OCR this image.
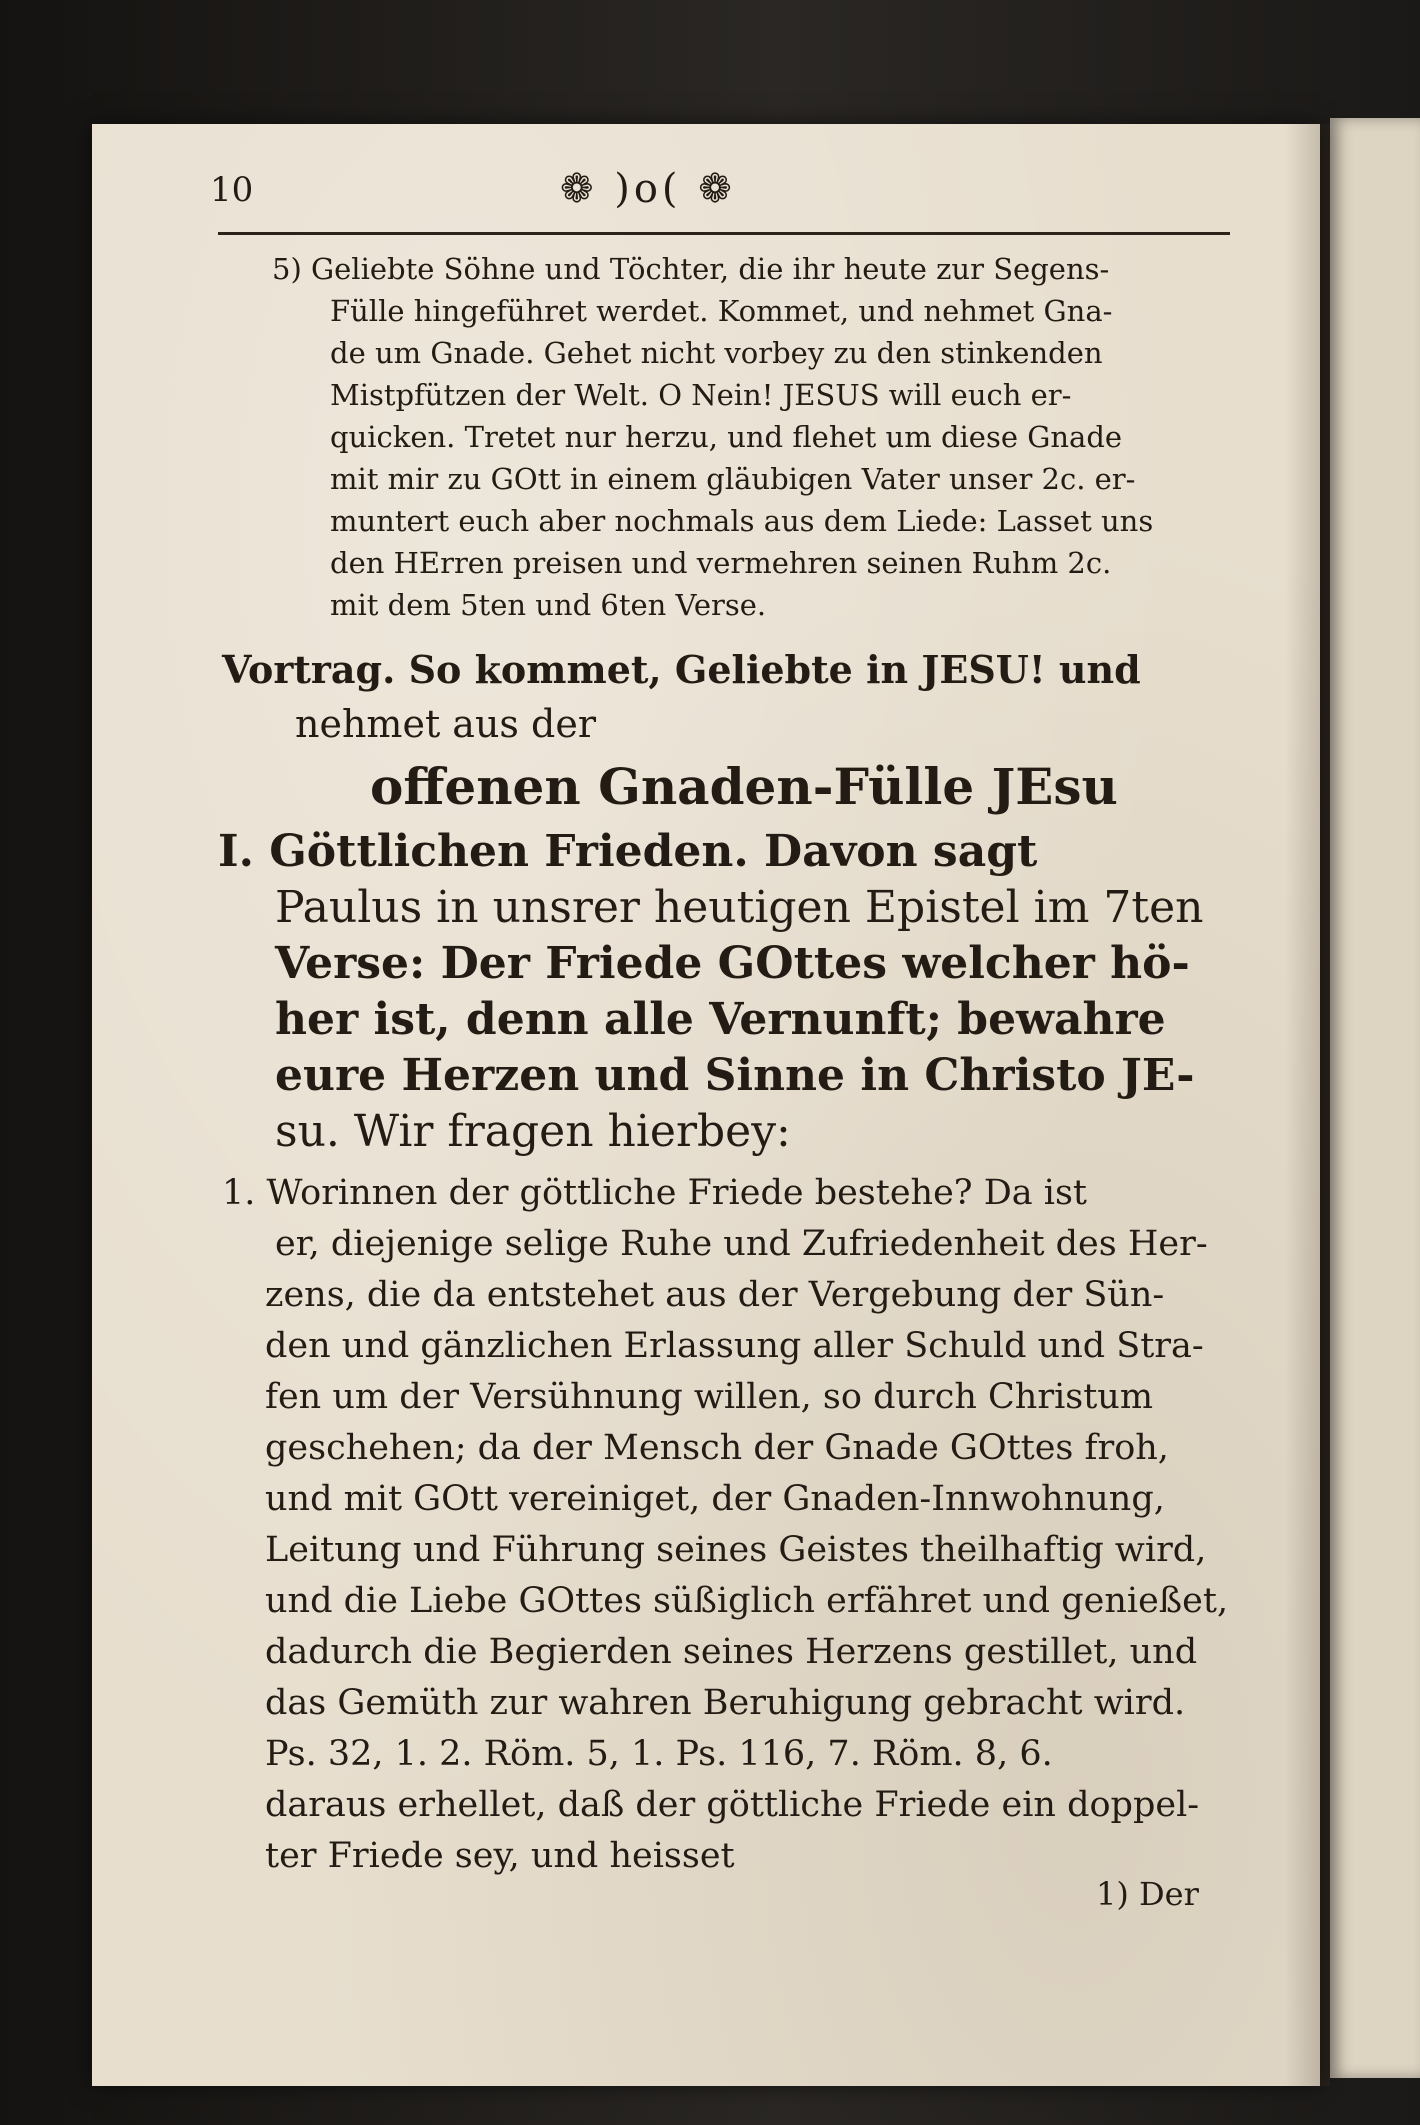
10	❁ )o( ❁

5) Geliebte Söhne und Töchter, die ihr heute zur Segens-

Fülle hingeführet werdet. Kommet, und nehmet Gna-

de um Gnade. Gehet nicht vorbey zu den stinkenden

Mistpfützen der Welt. O Nein! JESUS will euch er-

quicken. Tretet nur herzu, und flehet um diese Gnade

mit mir zu GOtt in einem gläubigen Vater unser 2c. er-

muntert euch aber nochmals aus dem Liede: Lasset uns

den HErren preisen und vermehren seinen Ruhm 2c.

mit dem 5ten und 6ten Verse.

Vortrag. So kommet, Geliebte in JESU! und

nehmet aus der

offenen Gnaden-Fülle JEsu

I. Göttlichen Frieden. Davon sagt

Paulus in unsrer heutigen Epistel im 7ten

Verse: Der Friede GOttes welcher hö-

her ist, denn alle Vernunft; bewahre

eure Herzen und Sinne in Christo JE-

su. Wir fragen hierbey:

1. Worinnen der göttliche Friede bestehe? Da ist

er, diejenige selige Ruhe und Zufriedenheit des Her-

zens, die da entstehet aus der Vergebung der Sün-

den und gänzlichen Erlassung aller Schuld und Stra-

fen um der Versühnung willen, so durch Christum

geschehen; da der Mensch der Gnade GOttes froh,

und mit GOtt vereiniget, der Gnaden-Innwohnung,

Leitung und Führung seines Geistes theilhaftig wird,

und die Liebe GOttes süßiglich erfähret und genießet,

dadurch die Begierden seines Herzens gestillet, und

das Gemüth zur wahren Beruhigung gebracht wird.

Ps. 32, 1. 2. Röm. 5, 1. Ps. 116, 7. Röm. 8, 6.

daraus erhellet, daß der göttliche Friede ein doppel-

ter Friede sey, und heisset

1) Der
